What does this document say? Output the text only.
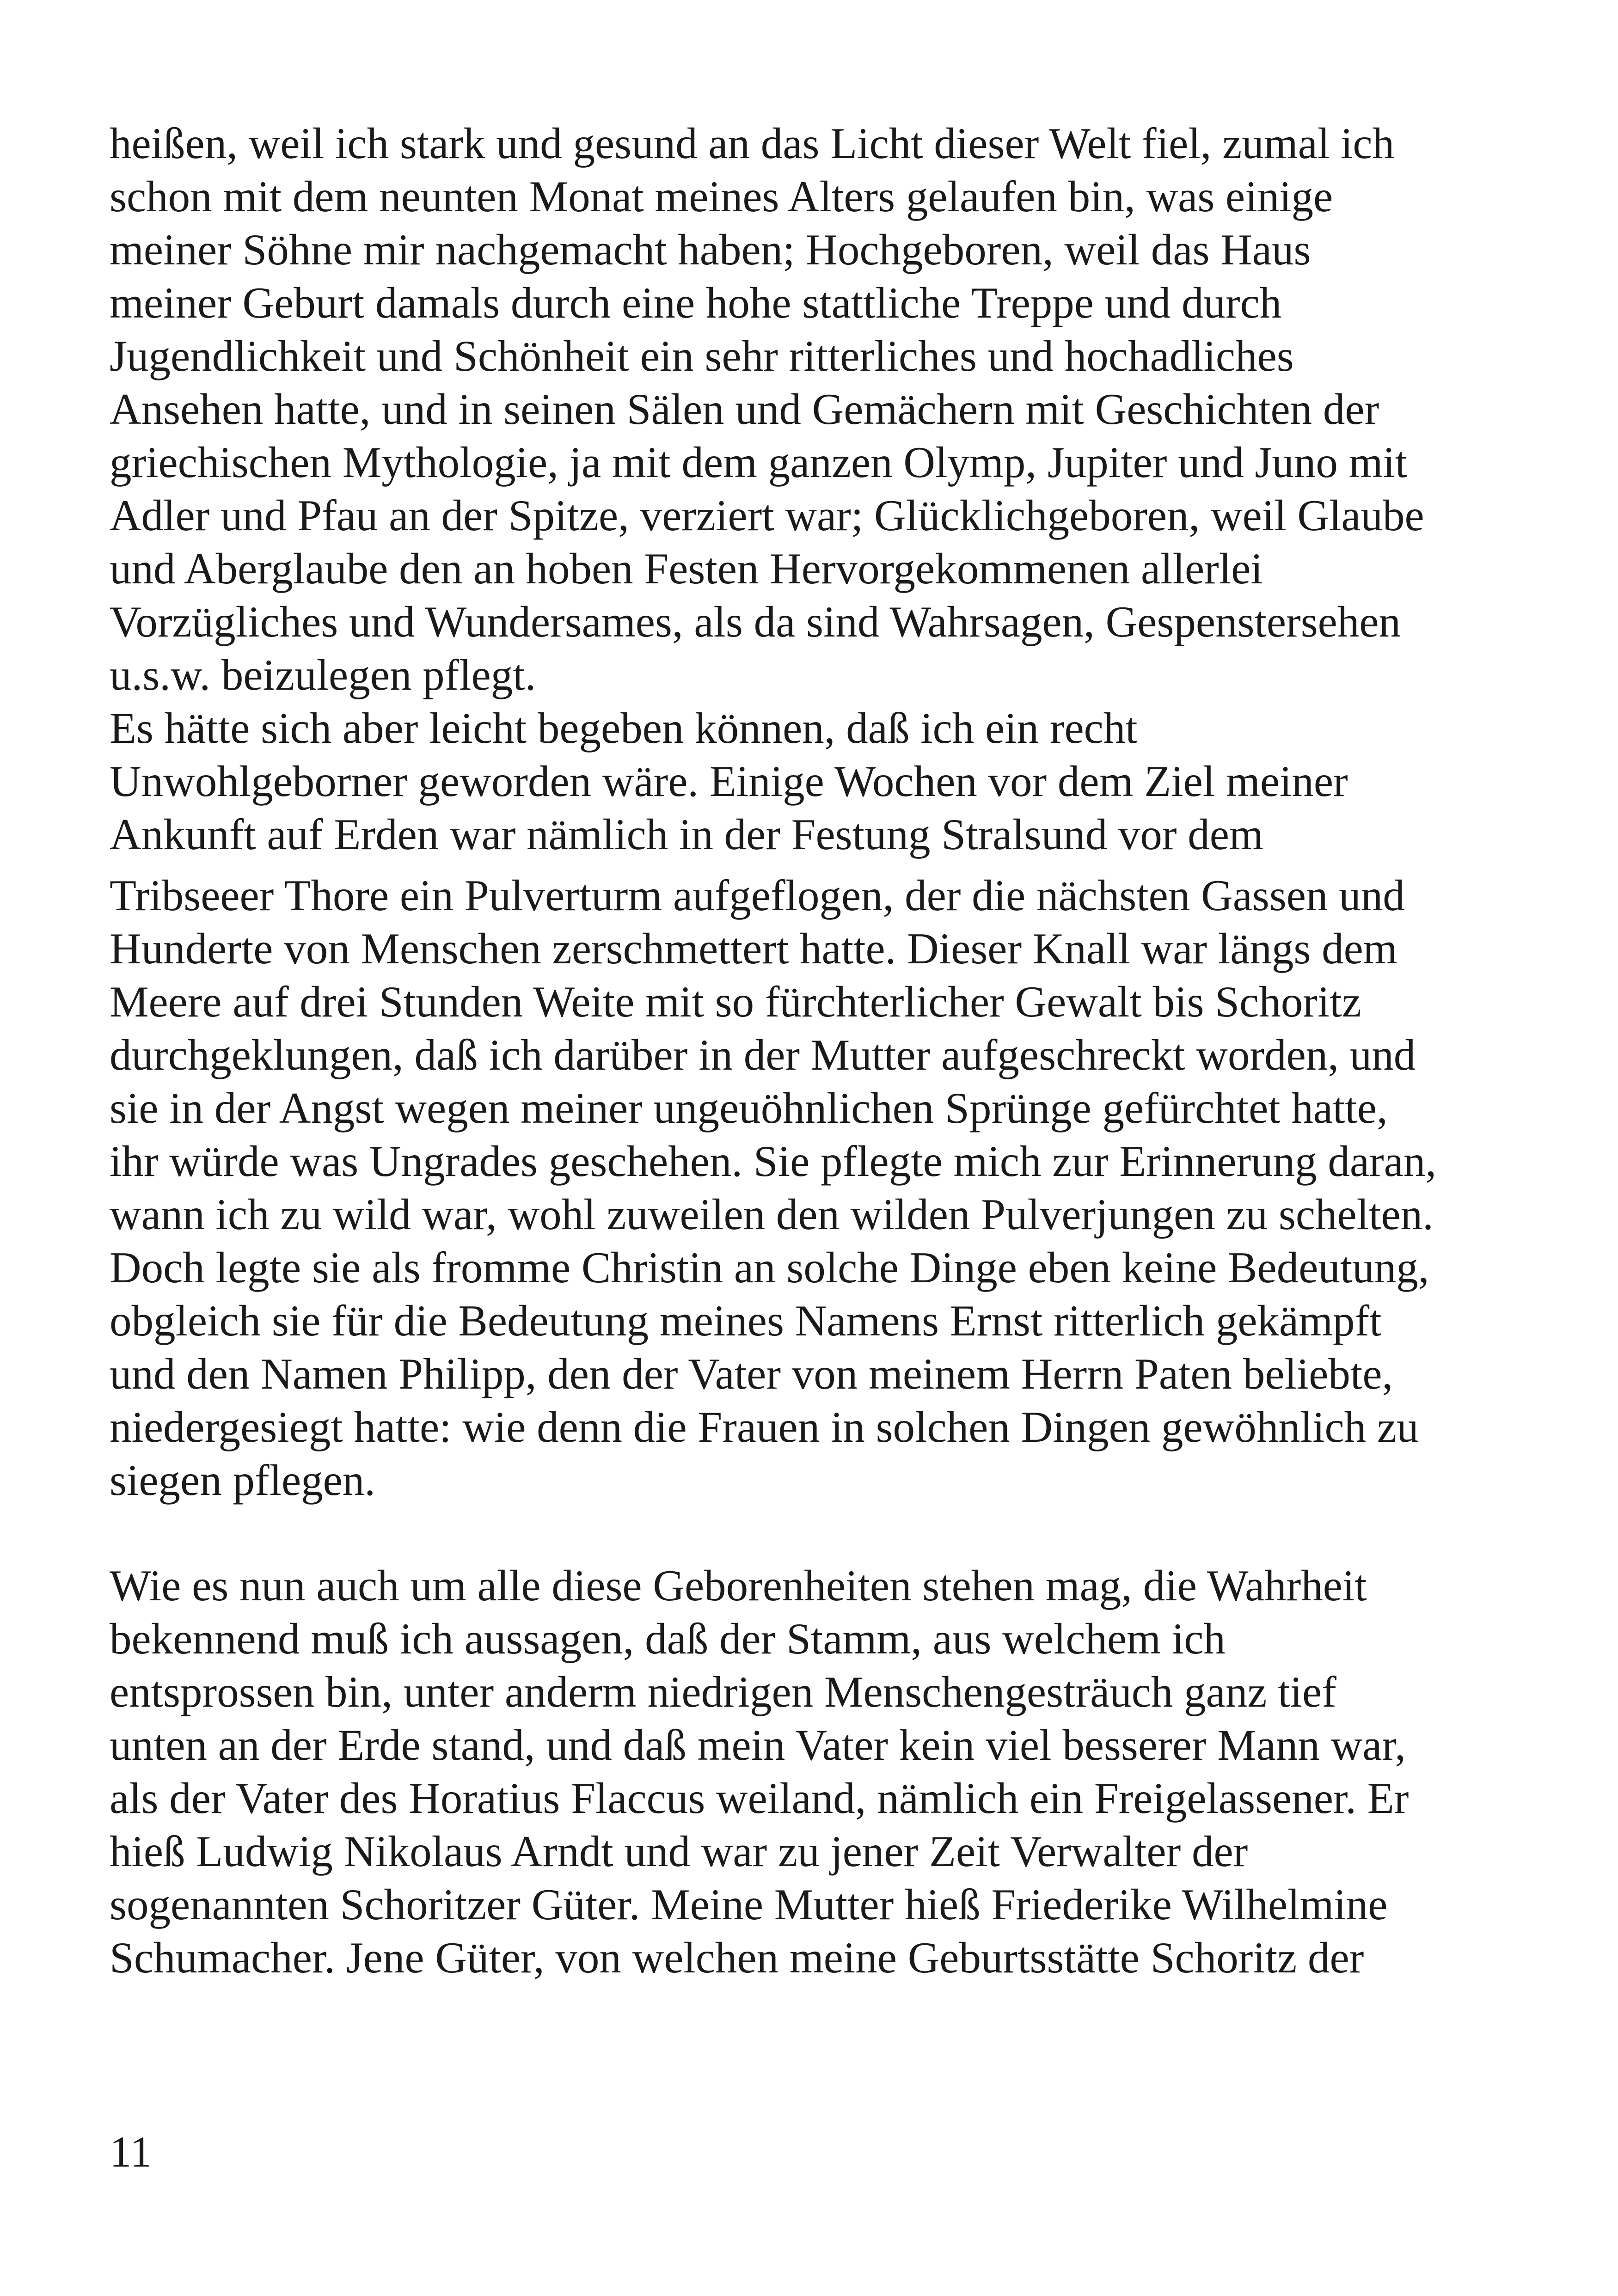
heißen, weil ich stark und gesund an das Licht dieser Welt fiel, zumal ich
schon mit dem neunten Monat meines Alters gelaufen bin, was einige
meiner Söhne mir nachgemacht haben; Hochgeboren, weil das Haus
meiner Geburt damals durch eine hohe stattliche Treppe und durch
Jugendlichkeit und Schönheit ein sehr ritterliches und hochadliches
Ansehen hatte, und in seinen Sälen und Gemächern mit Geschichten der
griechischen Mythologie, ja mit dem ganzen Olymp, Jupiter und Juno mit
Adler und Pfau an der Spitze, verziert war; Glücklichgeboren, weil Glaube
und Aberglaube den an hoben Festen Hervorgekommenen allerlei
Vorzügliches und Wundersames, als da sind Wahrsagen, Gespenstersehen
u.s.w. beizulegen pflegt.
Es hätte sich aber leicht begeben können, daß ich ein recht
Unwohlgeborner geworden wäre. Einige Wochen vor dem Ziel meiner
Ankunft auf Erden war nämlich in der Festung Stralsund vor dem
Tribseeer Thore ein Pulverturm aufgeflogen, der die nächsten Gassen und
Hunderte von Menschen zerschmettert hatte. Dieser Knall war längs dem
Meere auf drei Stunden Weite mit so fürchterlicher Gewalt bis Schoritz
durchgeklungen, daß ich darüber in der Mutter aufgeschreckt worden, und
sie in der Angst wegen meiner ungeuöhnlichen Sprünge gefürchtet hatte,
ihr würde was Ungrades geschehen. Sie pflegte mich zur Erinnerung daran,
wann ich zu wild war, wohl zuweilen den wilden Pulverjungen zu schelten.
Doch legte sie als fromme Christin an solche Dinge eben keine Bedeutung,
obgleich sie für die Bedeutung meines Namens Ernst ritterlich gekämpft
und den Namen Philipp, den der Vater von meinem Herrn Paten beliebte,
niedergesiegt hatte: wie denn die Frauen in solchen Dingen gewöhnlich zu
siegen pflegen.
Wie es nun auch um alle diese Geborenheiten stehen mag, die Wahrheit
bekennend muß ich aussagen, daß der Stamm, aus welchem ich
entsprossen bin, unter anderm niedrigen Menschengesträuch ganz tief
unten an der Erde stand, und daß mein Vater kein viel besserer Mann war,
als der Vater des Horatius Flaccus weiland, nämlich ein Freigelassener. Er
hieß Ludwig Nikolaus Arndt und war zu jener Zeit Verwalter der
sogenannten Schoritzer Güter. Meine Mutter hieß Friederike Wilhelmine
Schumacher. Jene Güter, von welchen meine Geburtsstätte Schoritz der
11
